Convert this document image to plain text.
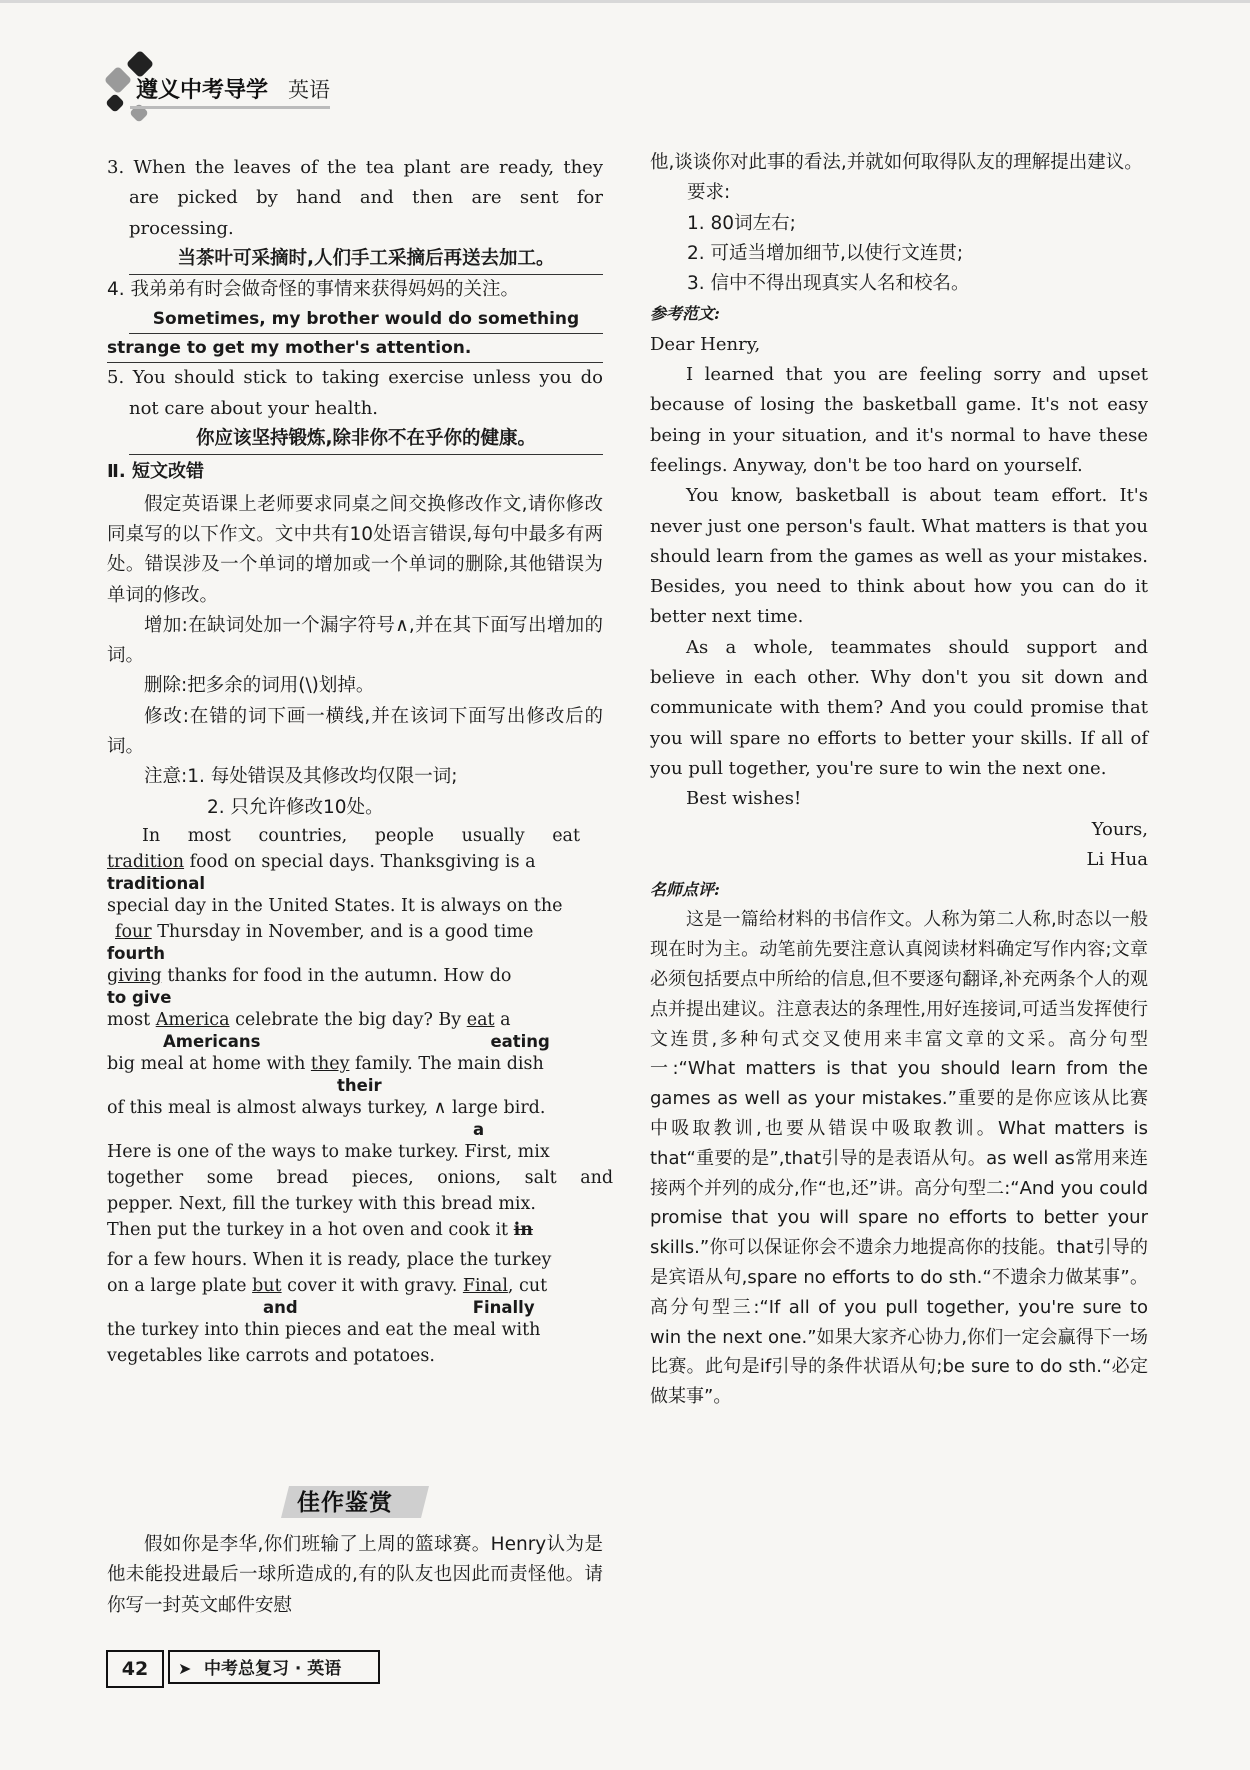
遵义中考导学 英语

3. When the leaves of the tea plant are ready, they are picked by hand and then are sent for processing.

当茶叶可采摘时,人们手工采摘后再送去加工。

4. 我弟弟有时会做奇怪的事情来获得妈妈的关注。

Sometimes, my brother would do something

strange to get my mother's attention.

5. You should stick to taking exercise unless you do not care about your health.

你应该坚持锻炼,除非你不在乎你的健康。

Ⅱ. 短文改错

假定英语课上老师要求同桌之间交换修改作文,请你修改同桌写的以下作文。文中共有10处语言错误,每句中最多有两处。错误涉及一个单词的增加或一个单词的删除,其他错误为单词的修改。

增加:在缺词处加一个漏字符号∧,并在其下面写出增加的词。

删除:把多余的词用(\)划掉。

修改:在错的词下画一横线,并在该词下面写出修改后的词。

注意:1. 每处错误及其修改均仅限一词;

2. 只允许修改10处。

In most countries, people usually eat
tradition food on special days. Thanksgiving is a
traditional
special day in the United States. It is always on the
four Thursday in November, and is a good time
fourth
giving thanks for food in the autumn. How do
to give
most America celebrate the big day? By eat a
Americans	eating
big meal at home with they family. The main dish
their
of this meal is almost always turkey, ∧ large bird.
a
Here is one of the ways to make turkey. First, mix
together some bread pieces, onions, salt and
pepper. Next, fill the turkey with this bread mix.
Then put the turkey in a hot oven and cook it in
for a few hours. When it is ready, place the turkey
on a large plate but cover it with gravy. Final, cut
and	Finally
the turkey into thin pieces and eat the meal with
vegetables like carrots and potatoes.
佳作鉴赏

假如你是李华,你们班输了上周的篮球赛。Henry认为是他未能投进最后一球所造成的,有的队友也因此而责怪他。请你写一封英文邮件安慰

他,谈谈你对此事的看法,并就如何取得队友的理解提出建议。

要求:

1. 80词左右;

2. 可适当增加细节,以使行文连贯;

3. 信中不得出现真实人名和校名。

参考范文:

Dear Henry,

I learned that you are feeling sorry and upset because of losing the basketball game. It's not easy being in your situation, and it's normal to have these feelings. Anyway, don't be too hard on yourself.

You know, basketball is about team effort. It's never just one person's fault. What matters is that you should learn from the games as well as your mistakes. Besides, you need to think about how you can do it better next time.

As a whole, teammates should support and believe in each other. Why don't you sit down and communicate with them? And you could promise that you will spare no efforts to better your skills. If all of you pull together, you're sure to win the next one.

Best wishes!

Yours,

Li Hua

名师点评:

这是一篇给材料的书信作文。人称为第二人称,时态以一般现在时为主。动笔前先要注意认真阅读材料确定写作内容;文章必须包括要点中所给的信息,但不要逐句翻译,补充两条个人的观点并提出建议。注意表达的条理性,用好连接词,可适当发挥使行文连贯,多种句式交叉使用来丰富文章的文采。高分句型一:“What matters is that you should learn from the games as well as your mistakes.”重要的是你应该从比赛中吸取教训,也要从错误中吸取教训。What matters is that“重要的是”,that引导的是表语从句。as well as常用来连接两个并列的成分,作“也,还”讲。高分句型二:“And you could promise that you will spare no efforts to better your skills.”你可以保证你会不遗余力地提高你的技能。that引导的是宾语从句,spare no efforts to do sth.“不遗余力做某事”。高分句型三:“If all of you pull together, you're sure to win the next one.”如果大家齐心协力,你们一定会赢得下一场比赛。此句是if引导的条件状语从句;be sure to do sth.“必定做某事”。

42	➤ 中考总复习 · 英语
